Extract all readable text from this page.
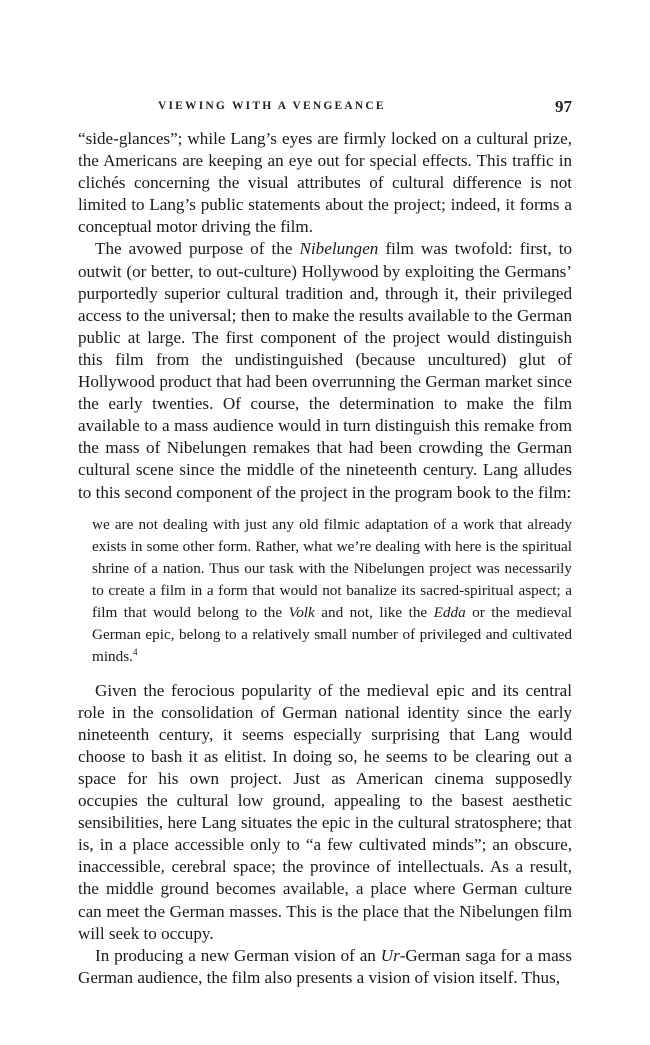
VIEWING WITH A VENGEANCE	97

“side-glances”; while Lang’s eyes are firmly locked on a cultural prize, the Americans are keeping an eye out for special effects. This traffic in clichés concerning the visual attributes of cultural difference is not limited to Lang’s public statements about the project; indeed, it forms a conceptual motor driving the film.

The avowed purpose of the Nibelungen film was twofold: first, to outwit (or better, to out-culture) Hollywood by exploiting the Germans’ purportedly superior cultural tradition and, through it, their privileged access to the universal; then to make the results available to the German public at large. The first component of the project would distinguish this film from the undistinguished (because uncultured) glut of Hollywood product that had been overrunning the German market since the early twenties. Of course, the determination to make the film available to a mass audience would in turn distinguish this remake from the mass of Nibelungen remakes that had been crowding the German cultural scene since the middle of the nineteenth century. Lang alludes to this second component of the project in the program book to the film:

we are not dealing with just any old filmic adaptation of a work that already exists in some other form. Rather, what we’re dealing with here is the spiritual shrine of a nation. Thus our task with the Nibelungen project was necessarily to create a film in a form that would not banalize its sacred-spiritual aspect; a film that would belong to the Volk and not, like the Edda or the medieval German epic, belong to a relatively small number of privileged and cultivated minds.$^4$

Given the ferocious popularity of the medieval epic and its central role in the consolidation of German national identity since the early nineteenth century, it seems especially surprising that Lang would choose to bash it as elitist. In doing so, he seems to be clearing out a space for his own project. Just as American cinema supposedly occupies the cultural low ground, appealing to the basest aesthetic sensibilities, here Lang situates the epic in the cultural stratosphere; that is, in a place accessible only to “a few cultivated minds”; an obscure, inaccessible, cerebral space; the province of intellectuals. As a result, the middle ground becomes available, a place where German culture can meet the German masses. This is the place that the Nibelungen film will seek to occupy.

In producing a new German vision of an Ur-German saga for a mass German audience, the film also presents a vision of vision itself. Thus,
